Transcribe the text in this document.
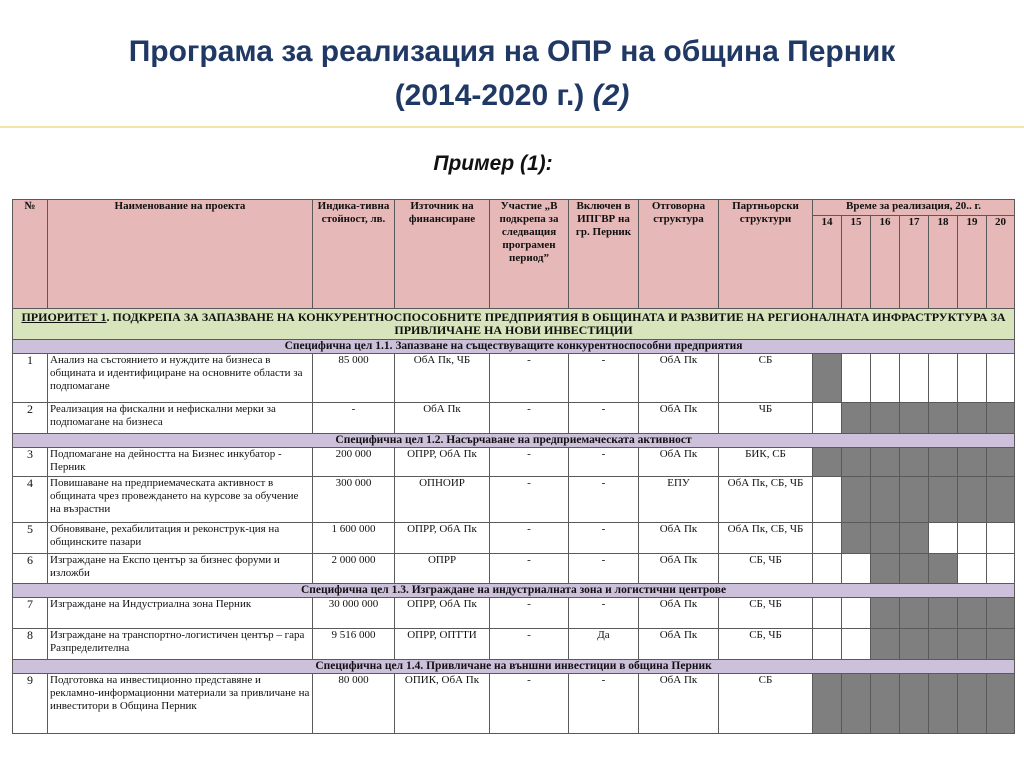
Програма за реализация на ОПР на община Перник
(2014-2020 г.) (2)
Пример (1):
№	Наименование на проекта	Индика-тивна стойност, лв.	Източник на финансиране	Участие „В подкрепа за следващия програмен период”	Включен в ИПГВР на гр. Перник	Отговорна структура	Партньорски структури	Време за реализация, 20.. г.						
								14	15	16	17	18	19	20
ПРИОРИТЕТ 1. ПОДКРЕПА ЗА ЗАПАЗВАНЕ НА КОНКУРЕНТНОСПОСОБНИТЕ ПРЕДПРИЯТИЯ В ОБЩИНАТА И РАЗВИТИЕ НА РЕГИОНАЛНАТА ИНФРАСТРУКТУРА ЗА ПРИВЛИЧАНЕ НА НОВИ ИНВЕСТИЦИИ														
Специфична цел 1.1. Запазване на съществуващите конкурентноспособни предприятия														
1	Анализ на състоянието и нуждите на бизнеса в общината и идентифициране на основните области за подпомагане	85 000	ОбА Пк, ЧБ	-	-	ОбА Пк	СБ							
2	Реализация на фискални и нефискални мерки за подпомагане на бизнеса	-	ОбА Пк	-	-	ОбА Пк	ЧБ							
Специфична цел 1.2. Насърчаване на предприемаческата активност														
3	Подпомагане на дейността на Бизнес инкубатор - Перник	200 000	ОПРР, ОбА Пк	-	-	ОбА Пк	БИК, СБ							
4	Повишаване на предприемаческата активност в общината чрез провеждането на курсове за обучение на възрастни	300 000	ОПНОИР	-	-	ЕПУ	ОбА Пк, СБ, ЧБ							
5	Обновяване, рехабилитация и реконструк-ция на общинските пазари	1 600 000	ОПРР, ОбА Пк	-	-	ОбА Пк	ОбА Пк, СБ, ЧБ							
6	Изграждане на Експо център за бизнес форуми и изложби	2 000 000	ОПРР	-	-	ОбА Пк	СБ, ЧБ							
Специфична цел 1.3. Изграждане на индустриалната зона и логистични центрове														
7	Изграждане на Индустриална зона Перник	30 000 000	ОПРР, ОбА Пк	-	-	ОбА Пк	СБ, ЧБ							
8	Изграждане на транспортно-логистичен център – гара Разпределителна	9 516 000	ОПРР, ОПТТИ	-	Да	ОбА Пк	СБ, ЧБ							
Специфична цел 1.4. Привличане на външни инвестиции в община Перник														
9	Подготовка на инвестиционно представяне и рекламно-информационни материали за привличане на инвеститори в Община Перник	80 000	ОПИК, ОбА Пк	-	-	ОбА Пк	СБ							
